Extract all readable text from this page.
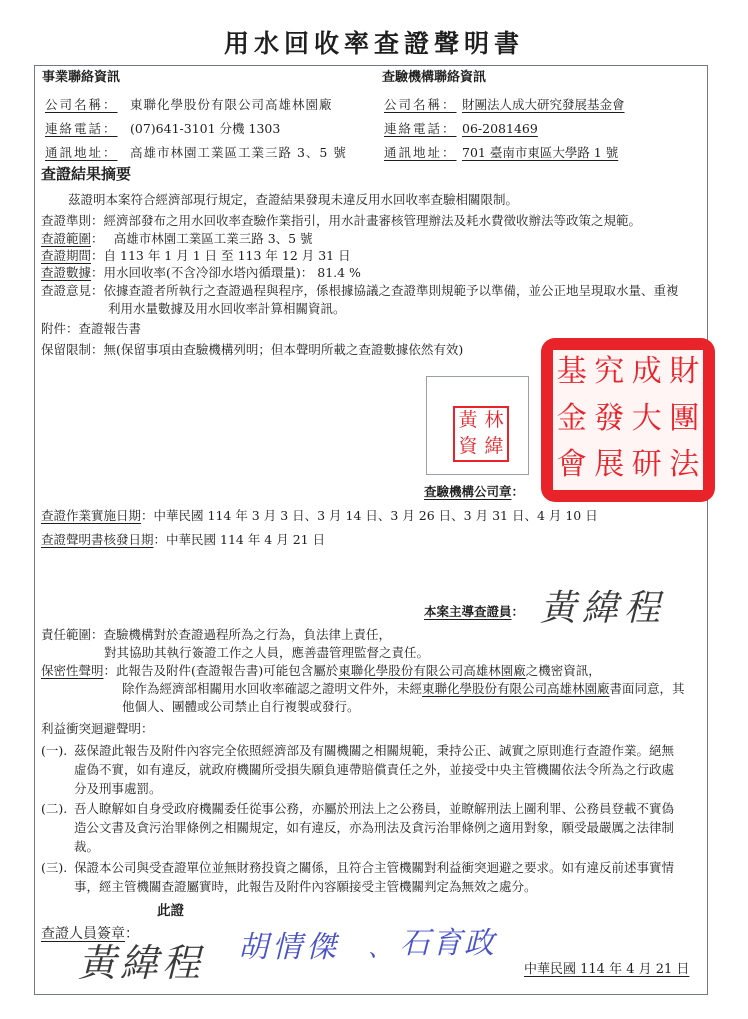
用水回收率查證聲明書
事業聯絡資訊
公司名稱： 東聯化學股份有限公司高雄林園廠
連絡電話： (07)641-3101 分機 1303
通訊地址： 高雄市林園工業區工業三路 3、5 號
查驗機構聯絡資訊
公司名稱： 財團法人成大研究發展基金會
連絡電話： 06-2081469
通訊地址： 701 臺南市東區大學路 1 號
查證結果摘要
茲證明本案符合經濟部現行規定，查證結果發現未違反用水回收率查驗相關限制。
查證準則：經濟部發布之用水回收率查驗作業指引，用水計畫審核管理辦法及耗水費徵收辦法等政策之規範。
查證範圍：　 高雄市林園工業區工業三路 3、5 號
查證期間：自 113 年 1 月 1 日 至 113 年 12 月 31 日
查證數據：用水回收率(不含冷卻水塔內循環量)： 81.4 %
查證意見：依據查證者所執行之查證過程與程序，係根據協議之查證準則規範予以準備，並公正地呈現取水量、重複
利用水量數據及用水回收率計算相關資訊。
附件：查證報告書
保留限制：無(保留事項由查驗機構列明；但本聲明所載之查證數據依然有效)
黃 林
資 緯
基 究 成 財
金 發 大 團
會 展 研 法
查驗機構公司章：
查證作業實施日期：中華民國 114 年 3 月 3 日、3 月 14 日、3 月 26 日、3 月 31 日、4 月 10 日
查證聲明書核發日期：中華民國 114 年 4 月 21 日
本案主導查證員： 黃緯程
責任範圍：查驗機構對於查證過程所為之行為，負法律上責任，
對其協助其執行簽證工作之人員，應善盡管理監督之責任。
保密性聲明：此報告及附件(查證報告書)可能包含屬於東聯化學股份有限公司高雄林園廠之機密資訊，
除作為經濟部相關用水回收率確認之證明文件外，未經東聯化學股份有限公司高雄林園廠書面同意，其
他個人、團體或公司禁止自行複製或發行。
利益衝突迴避聲明：
(一). 茲保證此報告及附件內容完全依照經濟部及有關機關之相關規範，秉持公正、誠實之原則進行查證作業。絕無
虛偽不實，如有違反，就政府機關所受損失願負連帶賠償責任之外，並接受中央主管機關依法令所為之行政處
分及刑事處罰。
(二). 吾人瞭解如自身受政府機關委任從事公務，亦屬於刑法上之公務員，並瞭解刑法上圖利罪、公務員登載不實偽
造公文書及貪污治罪條例之相關規定，如有違反，亦為刑法及貪污治罪條例之適用對象，願受最嚴厲之法律制
裁。
(三). 保證本公司與受查證單位並無財務投資之關係，且符合主管機關對利益衝突迴避之要求。如有違反前述事實情
事，經主管機關查證屬實時，此報告及附件內容願接受主管機關判定為無效之處分。
此證
查證人員簽章：
黃緯程 胡情傑 、 石育政
中華民國 114 年 4 月 21 日
